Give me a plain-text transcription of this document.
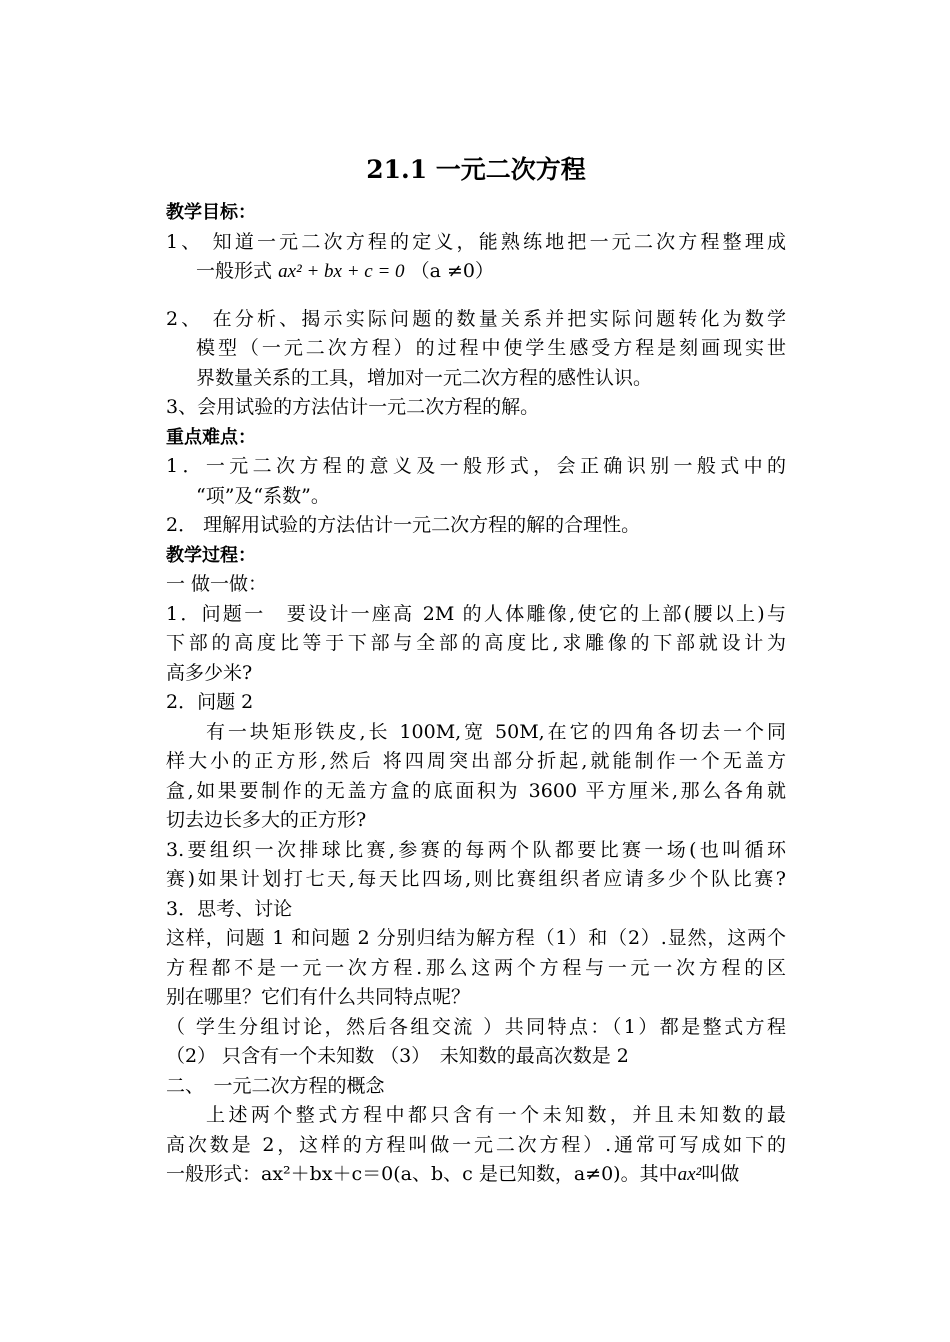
21.1 一元二次方程
教学目标：
1、 知道一元二次方程的定义，能熟练地把一元二次方程整理成
一般形式 ax² + bx + c = 0 （a ≠0）
2、 在分析、揭示实际问题的数量关系并把实际问题转化为数学
模型（一元二次方程）的过程中使学生感受方程是刻画现实世
界数量关系的工具，增加对一元二次方程的感性认识。
3、会用试验的方法估计一元二次方程的解。
重点难点：
1．一元二次方程的意义及一般形式，会正确识别一般式中的
“项”及“系数”。
2． 理解用试验的方法估计一元二次方程的解的合理性。
教学过程：
一 做一做：
1．问题一　要设计一座高 2M 的人体雕像,使它的上部(腰以上)与
下部的高度比等于下部与全部的高度比,求雕像的下部就设计为
高多少米?
2．问题 2
有一块矩形铁皮,长 100M,宽 50M,在它的四角各切去一个同
样大小的正方形,然后 将四周突出部分折起,就能制作一个无盖方
盒,如果要制作的无盖方盒的底面积为 3600 平方厘米,那么各角就
切去边长多大的正方形?
3.要组织一次排球比赛,参赛的每两个队都要比赛一场(也叫循环
赛)如果计划打七天,每天比四场,则比赛组织者应请多少个队比赛?
3．思考、讨论
这样，问题 1 和问题 2 分别归结为解方程（1）和（2）.显然，这两个
方程都不是一元一次方程.那么这两个方程与一元一次方程的区
别在哪里？它们有什么共同特点呢？
（ 学生分组讨论，然后各组交流 ）共同特点：（1）都是整式方程
（2） 只含有一个未知数 （3）　未知数的最高次数是 2
二、　一元二次方程的概念
上述两个整式方程中都只含有一个未知数，并且未知数的最
高次数是 2，这样的方程叫做一元二次方程）.通常可写成如下的
一般形式：ax²＋bx＋c＝0(a、b、c 是已知数，a≠0)。其中ax²叫做
